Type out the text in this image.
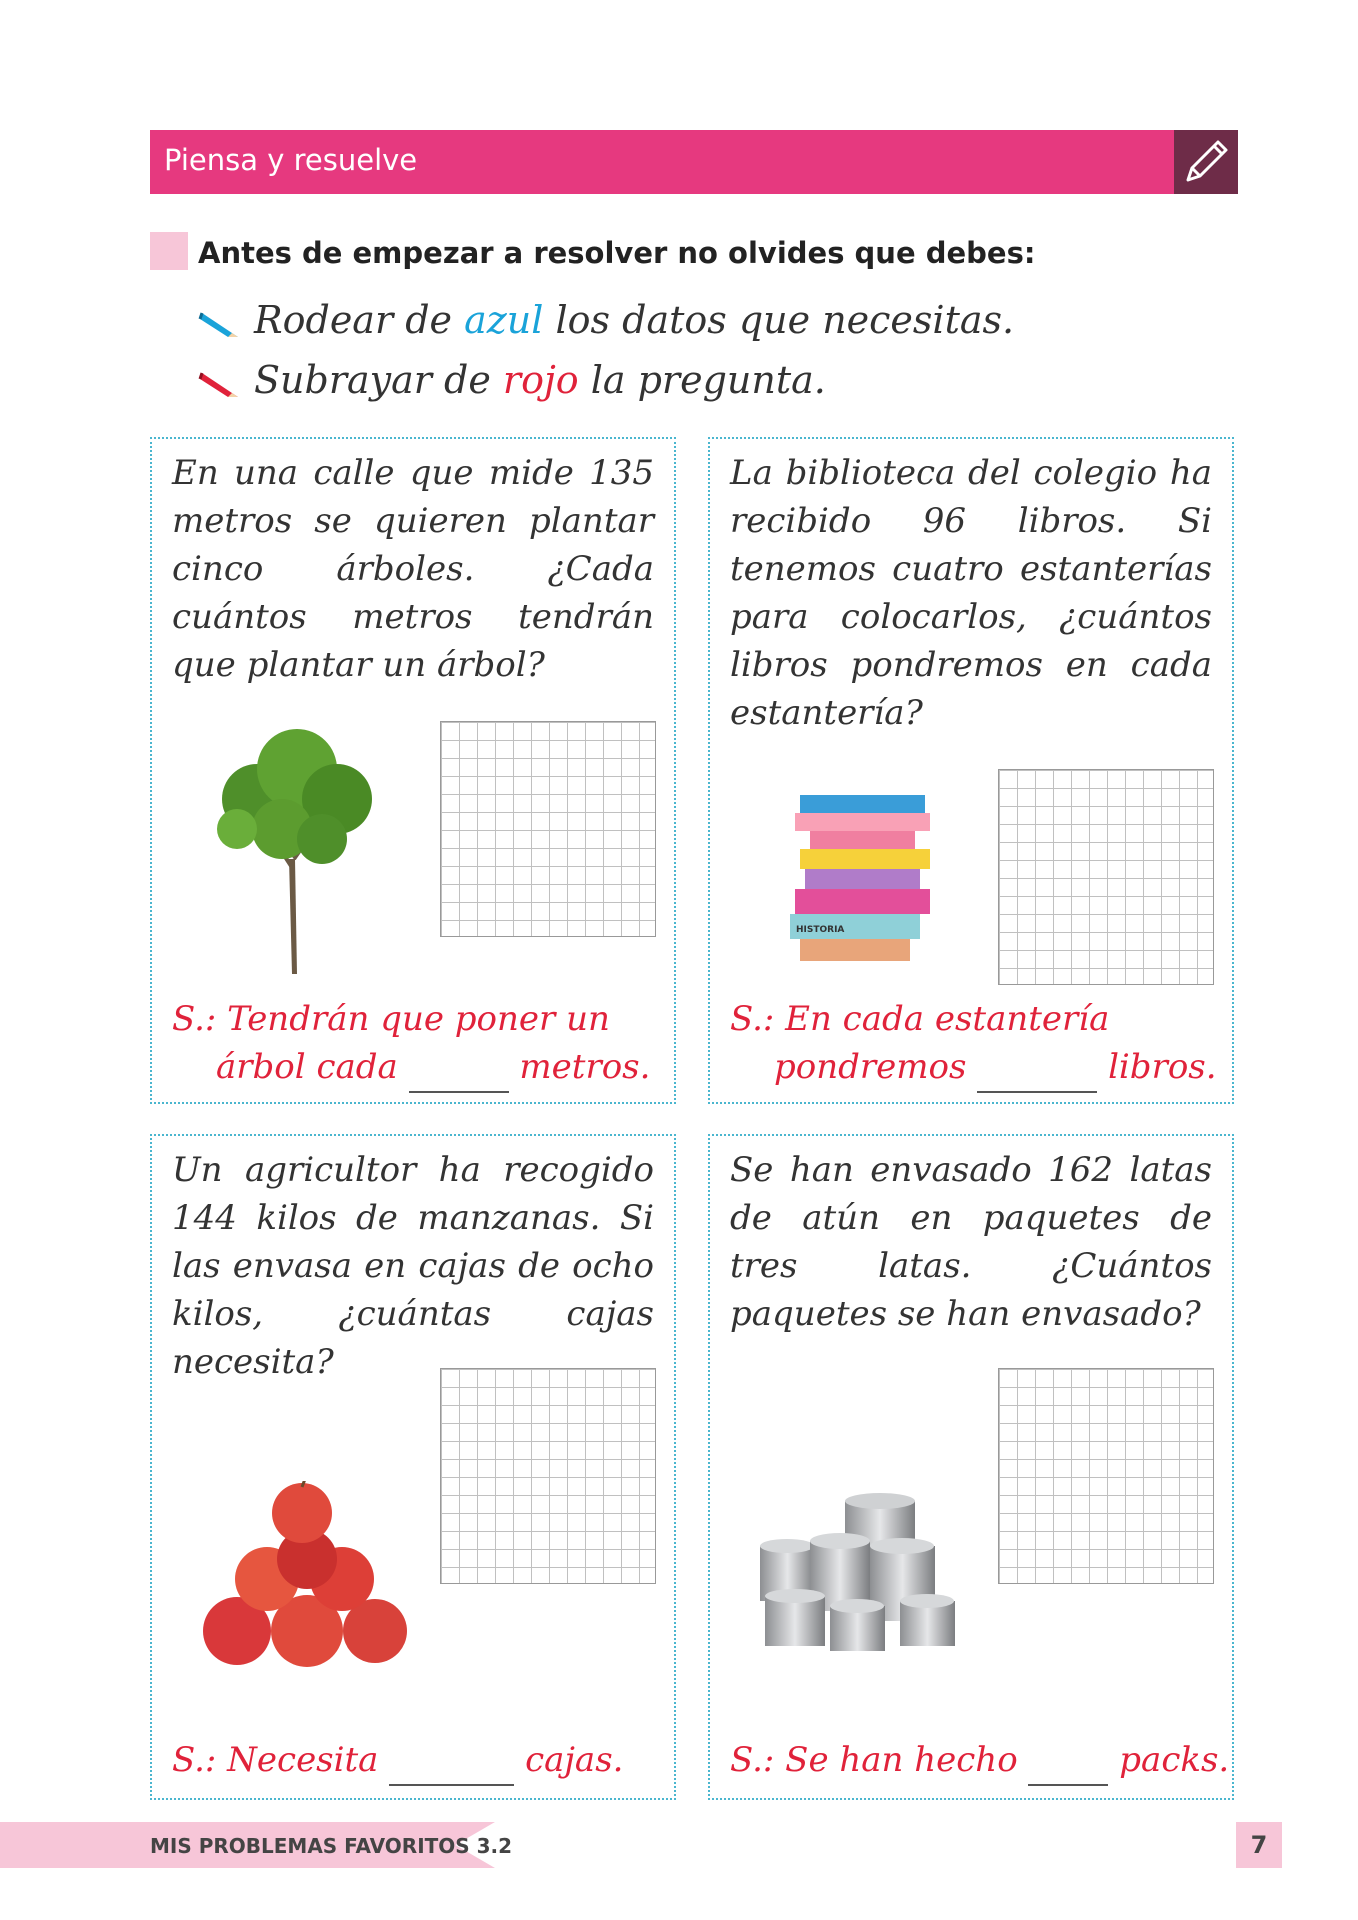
Piensa y resuelve
Antes de empezar a resolver no olvides que debes:
Rodear de azul los datos que necesitas.
Subrayar de rojo la pregunta.
En una calle que mide 135 metros se quieren plantar cinco árboles. ¿Cada cuántos metros tendrán que plantar un árbol?
S.: Tendrán que poner un
árbol cada	metros.
La biblioteca del colegio ha recibido 96 libros. Si tenemos cuatro estanterías para colocarlos, ¿cuántos libros pondremos en cada estantería?
HISTORIA
S.: En cada estantería
pondremos	libros.
Un agricultor ha recogido 144 kilos de manzanas. Si las envasa en cajas de ocho kilos, ¿cuántas cajas necesita?
S.: Necesita	cajas.
Se han envasado 162 latas de atún en paquetes de tres latas. ¿Cuántos paquetes se han envasado?
S.: Se han hecho	packs.
MIS PROBLEMAS FAVORITOS 3.2	7
